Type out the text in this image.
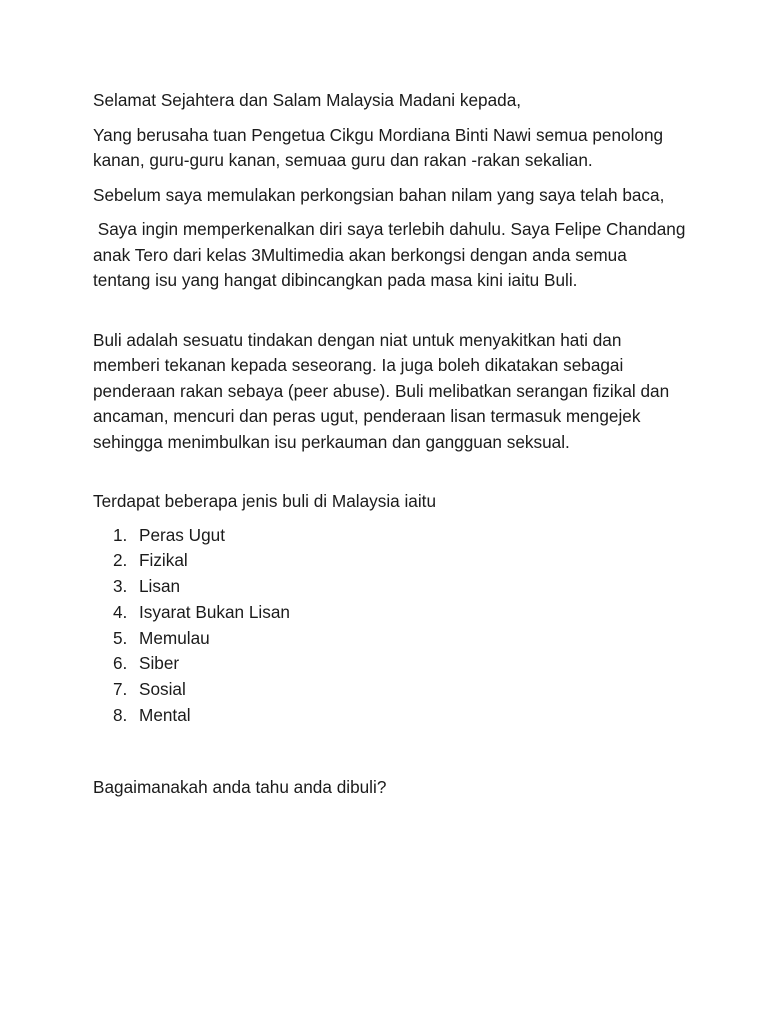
Selamat Sejahtera dan Salam Malaysia Madani kepada,

Yang berusaha tuan Pengetua Cikgu Mordiana Binti Nawi semua penolong kanan, guru-guru kanan, semuaa guru dan rakan -rakan sekalian.

Sebelum saya memulakan perkongsian bahan nilam yang saya telah baca,

Saya ingin memperkenalkan diri saya terlebih dahulu. Saya Felipe Chandang anak Tero dari kelas 3Multimedia akan berkongsi dengan anda semua tentang isu yang hangat dibincangkan pada masa kini iaitu Buli.

Buli adalah sesuatu tindakan dengan niat untuk menyakitkan hati dan memberi tekanan kepada seseorang. Ia juga boleh dikatakan sebagai penderaan rakan sebaya (peer abuse). Buli melibatkan serangan fizikal dan ancaman, mencuri dan peras ugut, penderaan lisan termasuk mengejek sehingga menimbulkan isu perkauman dan gangguan seksual.

Terdapat beberapa jenis buli di Malaysia iaitu

1. Peras Ugut
2. Fizikal
3. Lisan
4. Isyarat Bukan Lisan
5. Memulau
6. Siber
7. Sosial
8. Mental

Bagaimanakah anda tahu anda dibuli?
